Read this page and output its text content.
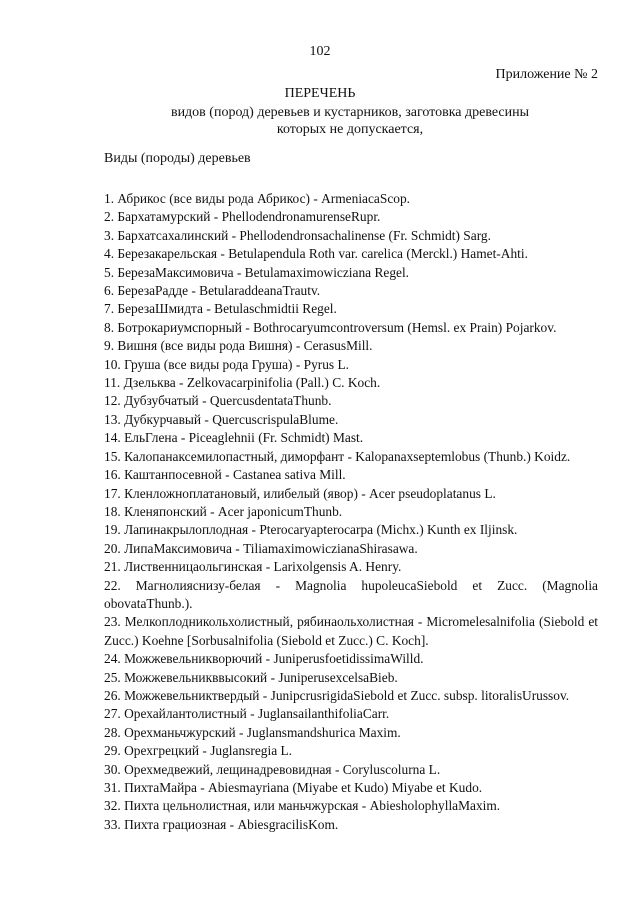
102
Приложение № 2
ПЕРЕЧЕНЬ
видов (пород) деревьев и кустарников, заготовка древесины
которых не допускается,
Виды (породы) деревьев
1. Абрикос (все виды рода Абрикос) - ArmeniacaScop.
2. Бархатамурский - PhellodendronamurenseRupr.
3. Бархатсахалинский - Phellodendronsachalinense (Fr. Schmidt) Sarg.
4. Березакарельская - Betulapendula Roth var. carelica (Merckl.) Hamet-Ahti.
5. БерезаМаксимовича - Betulamaximowicziana Regel.
6. БерезаРадде - BetularaddeanaTrautv.
7. БерезаШмидта - Betulaschmidtii Regel.
8. Ботрокариумспорный - Bothrocaryumcontroversum (Hemsl. ex Prain) Pojarkov.
9. Вишня (все виды рода Вишня) - CerasusMill.
10. Груша (все виды рода Груша) - Pyrus L.
11. Дзельква - Zelkovacarpinifolia (Pall.) C. Koch.
12. Дубзубчатый - QuercusdentataThunb.
13. Дубкурчавый - QuercuscrispulaBlume.
14. ЕльГлена - Piceaglehnii (Fr. Schmidt) Mast.
15. Калопанаксемилопастный, диморфант - Kalopanaxseptemlobus (Thunb.) Koidz.
16. Каштанпосевной - Castanea sativa Mill.
17. Кленложноплатановый, илибелый (явор) - Acer pseudoplatanus L.
18. Кленяпонский - Acer japonicumThunb.
19. Лапинакрылоплодная - Pterocaryapterocarpa (Michx.) Kunth ex Iljinsk.
20. ЛипаМаксимовича - TiliamaximowiczianaShirasawa.
21. Лиственницаольгинская - Larixolgensis A. Henry.
22. Магнолияснизу-белая - Magnolia hupoleucaSiebold et Zucc. (Magnolia obovataThunb.).
23. Мелкоплодникольхолистный, рябинаольхолистная - Micromelesalnifolia (Siebold et Zucc.) Koehne [Sorbusalnifolia (Siebold et Zucc.) C. Koch].
24. Можжевельникворючий - JuniperusfoetidissimaWilld.
25. Можжевельникввысокий - JuniperusexcelsaBieb.
26. Можжевельниктвердый - JunipcrusrigidaSiebold et Zucc. subsp. litoralisUrussov.
27. Орехайлантолистный - JuglansailanthifoliaCarr.
28. Орехманьчжурский - Juglansmandshurica Maxim.
29. Орехгрецкий - Juglansregia L.
30. Орехмедвежий, лещинадревовидная - Coryluscolurna L.
31. ПихтаМайра - Abiesmayriana (Miyabe et Kudo) Miyabe et Kudo.
32. Пихта цельнолистная, или маньчжурская - AbiesholophyllaMaxim.
33. Пихта грациозная - AbiesgracilisKom.
